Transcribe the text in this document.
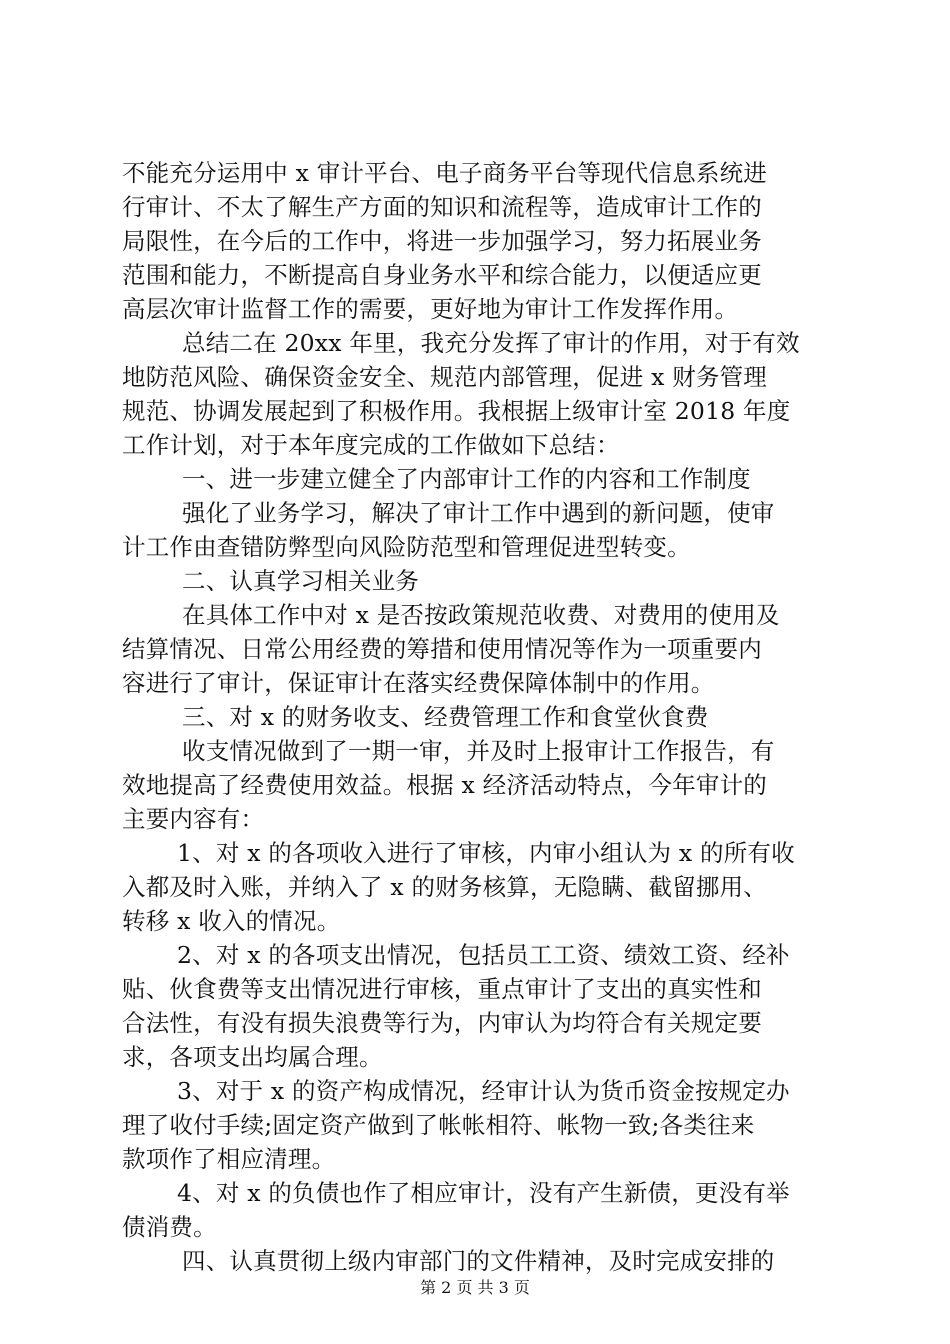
不能充分运用中 x 审计平台、电子商务平台等现代信息系统进
行审计、不太了解生产方面的知识和流程等，造成审计工作的
局限性，在今后的工作中，将进一步加强学习，努力拓展业务
范围和能力，不断提高自身业务水平和综合能力，以便适应更
高层次审计监督工作的需要，更好地为审计工作发挥作用。
总结二在 20xx 年里，我充分发挥了审计的作用，对于有效
地防范风险、确保资金安全、规范内部管理，促进 x 财务管理
规范、协调发展起到了积极作用。我根据上级审计室 2018 年度
工作计划，对于本年度完成的工作做如下总结：
一、进一步建立健全了内部审计工作的内容和工作制度
强化了业务学习，解决了审计工作中遇到的新问题，使审
计工作由查错防弊型向风险防范型和管理促进型转变。
二、认真学习相关业务
在具体工作中对 x 是否按政策规范收费、对费用的使用及
结算情况、日常公用经费的筹措和使用情况等作为一项重要内
容进行了审计，保证审计在落实经费保障体制中的作用。
三、对 x 的财务收支、经费管理工作和食堂伙食费
收支情况做到了一期一审，并及时上报审计工作报告，有
效地提高了经费使用效益。根据 x 经济活动特点，今年审计的
主要内容有：
1、对 x 的各项收入进行了审核，内审小组认为 x 的所有收
入都及时入账，并纳入了 x 的财务核算，无隐瞒、截留挪用、
转移 x 收入的情况。
2、对 x 的各项支出情况，包括员工工资、绩效工资、经补
贴、伙食费等支出情况进行审核，重点审计了支出的真实性和
合法性，有没有损失浪费等行为，内审认为均符合有关规定要
求，各项支出均属合理。
3、对于 x 的资产构成情况，经审计认为货币资金按规定办
理了收付手续;固定资产做到了帐帐相符、帐物一致;各类往来
款项作了相应清理。
4、对 x 的负债也作了相应审计，没有产生新债，更没有举
债消费。
四、认真贯彻上级内审部门的文件精神，及时完成安排的
第 2 页 共 3 页
